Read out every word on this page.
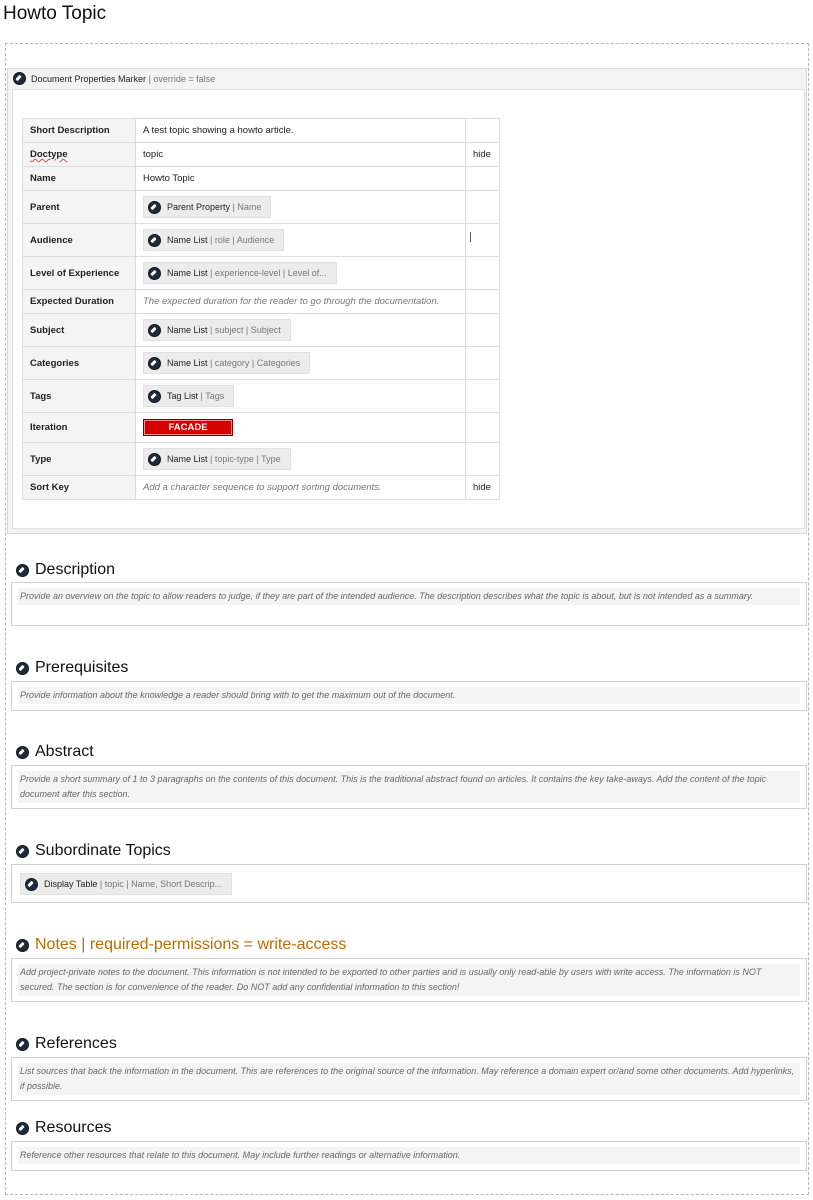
Howto Topic
Document Properties Marker
| override = false
Short Description	A test topic showing a howto article.	
Doctype	topic	hide
Name	Howto Topic	
Parent	Parent Property
| Name	

Audience	Name List
| role | Audience	

Level of Experience	Name List
| experience-level | Level of...	

Expected Duration	The expected duration for the reader to go through the documentation.	
Subject	Name List
| subject | Subject	

Categories	Name List
| category | Categories	

Tags	Tag List
| Tags	

Iteration	FACADE	
Type	Name List
| topic-type | Type	

Sort Key	Add a character sequence to support sorting documents.	hide
Description
Provide an overview on the topic to allow readers to judge, if they are part of the intended audience. The description describes what the topic is about, but is not intended as a summary.
Prerequisites
Provide information about the knowledge a reader should bring with to get the maximum out of the document.
Abstract
Provide a short summary of 1 to 3 paragraphs on the contents of this document. This is the traditional abstract found on articles. It contains the key take-aways. Add the content of the topic document after this section.
Subordinate Topics
Display Table
| topic | Name, Short Descrip...
Notes | required-permissions = write-access
Add project-private notes to the document. This information is not intended to be exported to other parties and is usually only read-able by users with write access. The information is NOT secured. The section is for convenience of the reader. Do NOT add any confidential information to this section!
References
List sources that back the information in the document. This are references to the original source of the information. May reference a domain expert or/and some other documents. Add hyperlinks, if possible.
Resources
Reference other resources that relate to this document. May include further readings or alternative information.
